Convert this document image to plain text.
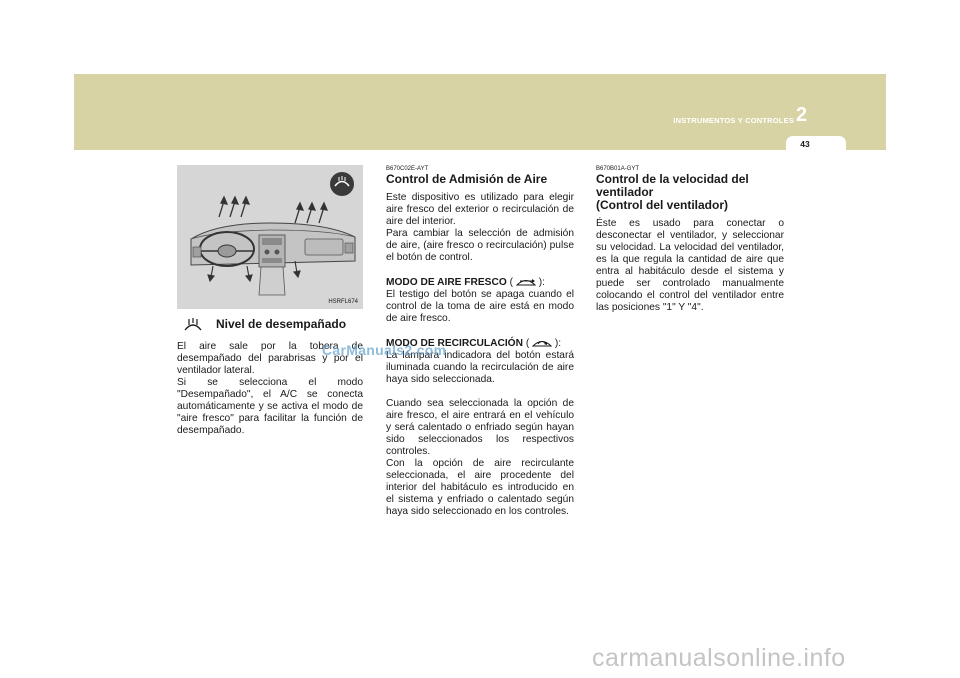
INSTRUMENTOS Y CONTROLES 2
43
HSRFL674
Nivel de desempañado

El aire sale por la tobera de desempañado del parabrisas y por el ventilador lateral.

Si se selecciona el modo "Desempañado", el A/C se conecta automáticamente y se activa el modo de "aire fresco" para facilitar la función de desempañado.

B670C02E-AYT

Control de Admisión de Aire

Este dispositivo es utilizado para elegir aire fresco del exterior o recirculación de aire del interior.

Para cambiar la selección de admisión de aire, (aire fresco o recirculación) pulse el botón de control.

MODO DE AIRE FRESCO (	):

El testigo del botón se apaga cuando el control de la toma de aire está en modo de aire fresco.

MODO DE RECIRCULACIÓN (	):

La lámpara indicadora del botón estará iluminada cuando la recirculación de aire haya sido seleccionada.

Cuando sea seleccionada la opción de aire fresco, el aire entrará en el vehículo y será calentado o enfriado según hayan sido seleccionados los respectivos controles.

Con la opción de aire recirculante seleccionada, el aire procedente del interior del habitáculo es introducido en el sistema y enfriado o calentado según haya sido seleccionado en los controles.

B670B01A-GYT

Control de la velocidad del ventilador
(Control del ventilador)

Éste es usado para conectar o desconectar el ventilador, y seleccionar su velocidad. La velocidad del ventilador, es la que regula la cantidad de aire que entra al habitáculo desde el sistema y puede ser controlado manualmente colocando el control del ventilador entre las posiciones "1" Y "4".

CarManuals2.com
carmanualsonline.info
